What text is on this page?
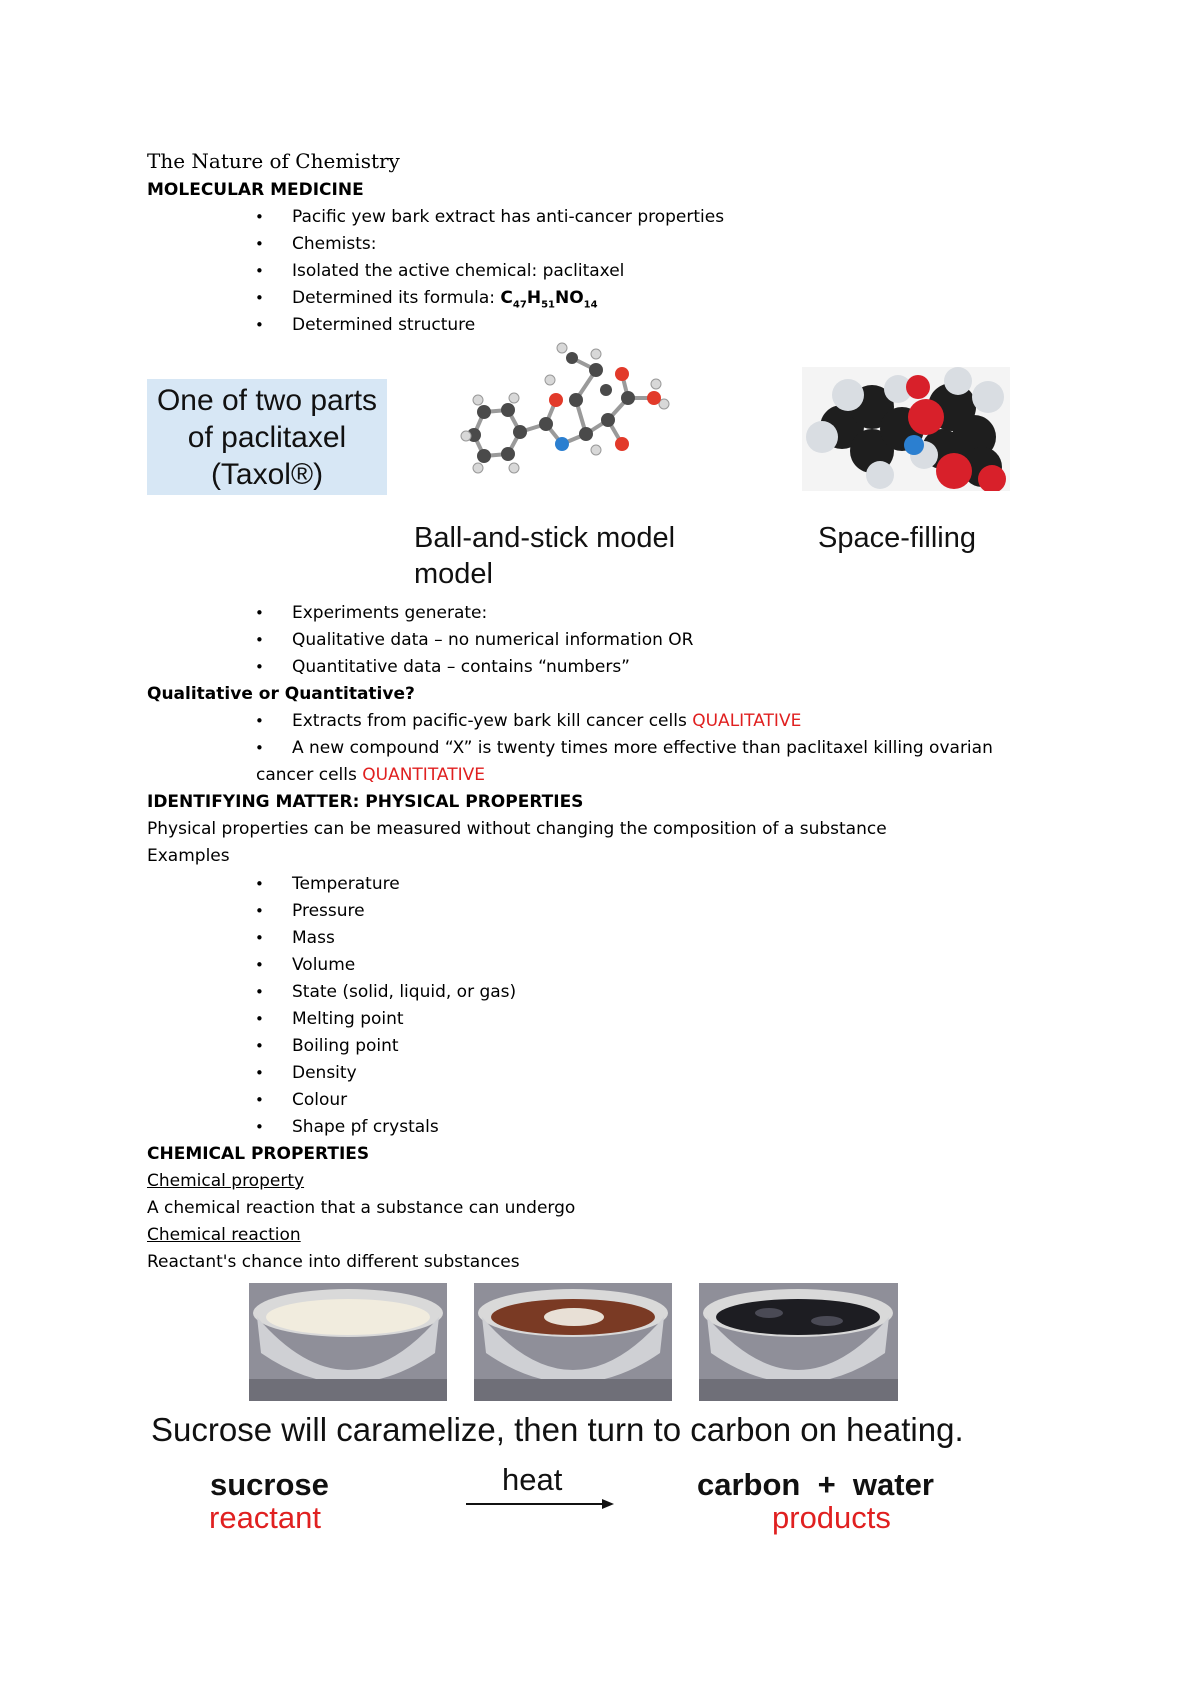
The Nature of Chemistry
MOLECULAR MEDICINE
• Pacific yew bark extract has anti-cancer properties
• Chemists:
• Isolated the active chemical: paclitaxel
• Determined its formula: $C_{47}H_{51}NO_{14}$
• Determined structure
One of two parts
of paclitaxel
(Taxol®)
Ball-and-stick model
model
Space-filling
• Experiments generate:
• Qualitative data – no numerical information OR
• Quantitative data – contains “numbers”
Qualitative or Quantitative?
• Extracts from pacific-yew bark kill cancer cells QUALITATIVE
• A new compound “X” is twenty times more effective than paclitaxel killing ovarian
cancer cells QUANTITATIVE
IDENTIFYING MATTER: PHYSICAL PROPERTIES
Physical properties can be measured without changing the composition of a substance
Examples
• Temperature
• Pressure
• Mass
• Volume
• State (solid, liquid, or gas)
• Melting point
• Boiling point
• Density
• Colour
• Shape pf crystals
CHEMICAL PROPERTIES
Chemical property
A chemical reaction that a substance can undergo
Chemical reaction
Reactant's chance into different substances
Sucrose will caramelize, then turn to carbon on heating.
sucrose
reactant
heat	carbon  +  water
products
